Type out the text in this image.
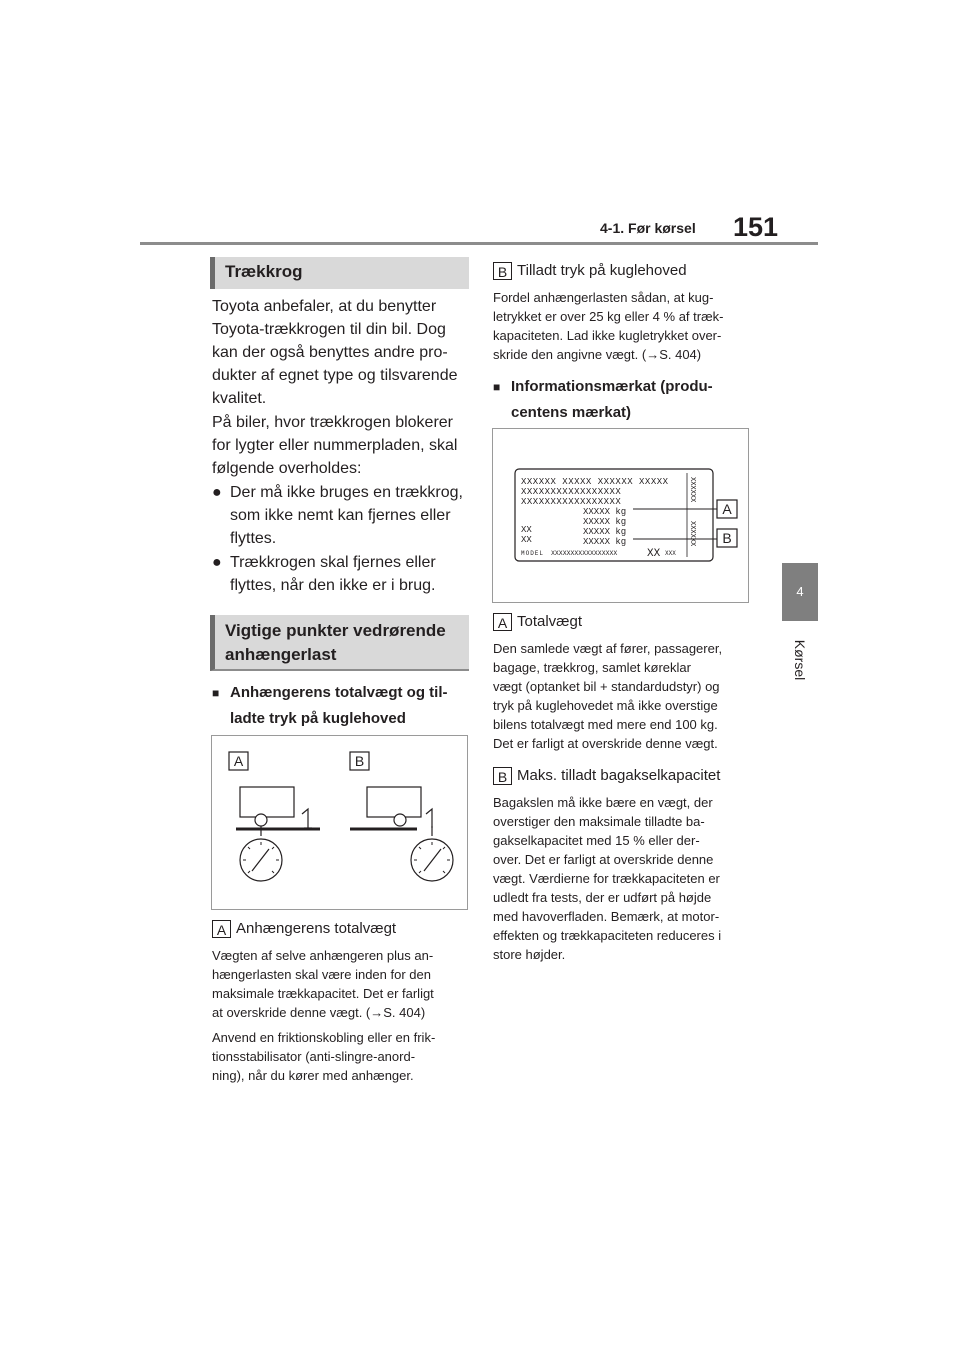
4-1. Før kørsel 151
4
Kørsel
Trækkrog
Toyota anbefaler, at du benytter
Toyota-trækkrogen til din bil. Dog
kan der også benyttes andre pro-
dukter af egnet type og tilsvarende
kvalitet.
På biler, hvor trækkrogen blokerer
for lygter eller nummerpladen, skal
følgende overholdes:
● Der må ikke bruges en trækkrog,
som ikke nemt kan fjernes eller
flyttes.
● Trækkrogen skal fjernes eller
flyttes, når den ikke er i brug.
Vigtige punkter vedrørende
anhængerlast
■ Anhængerens totalvægt og til-
ladte tryk på kuglehoved
A	B
A Anhængerens totalvægt
Vægten af selve anhængeren plus an-
hængerlasten skal være inden for den
maksimale trækkapacitet. Det er farligt
at overskride denne vægt. (→S. 404)
Anvend en friktionskobling eller en frik-
tionsstabilisator (anti-slingre-anord-
ning), når du kører med anhænger.
B Tilladt tryk på kuglehoved
Fordel anhængerlasten sådan, at kug-
letrykket er over 25 kg eller 4 % af træk-
kapaciteten. Lad ikke kugletrykket over-
skride den angivne vægt. (→S. 404)
■ Informationsmærkat (produ-
centens mærkat)
XXXXXX XXXXX XXXXXX XXXXX
XXXXXXXXXXXXXXXXX
XXXXXXXXXXXXXXXXX
XXXXX kg
XXXXX kg
XXXXX kg
XXXXX kg
XX
XX
MODEL XXXXXXXXXXXXXXXXX	XX XXX
XXXXXX
XXXXXX
A
B
A Totalvægt
Den samlede vægt af fører, passagerer,
bagage, trækkrog, samlet køreklar
vægt (optanket bil + standardudstyr) og
tryk på kuglehovedet må ikke overstige
bilens totalvægt med mere end 100 kg.
Det er farligt at overskride denne vægt.
B Maks. tilladt bagakselkapacitet
Bagakslen må ikke bære en vægt, der
overstiger den maksimale tilladte ba-
gakselkapacitet med 15 % eller der-
over. Det er farligt at overskride denne
vægt. Værdierne for trækkapaciteten er
udledt fra tests, der er udført på højde
med havoverfladen. Bemærk, at motor-
effekten og trækkapaciteten reduceres i
store højder.
